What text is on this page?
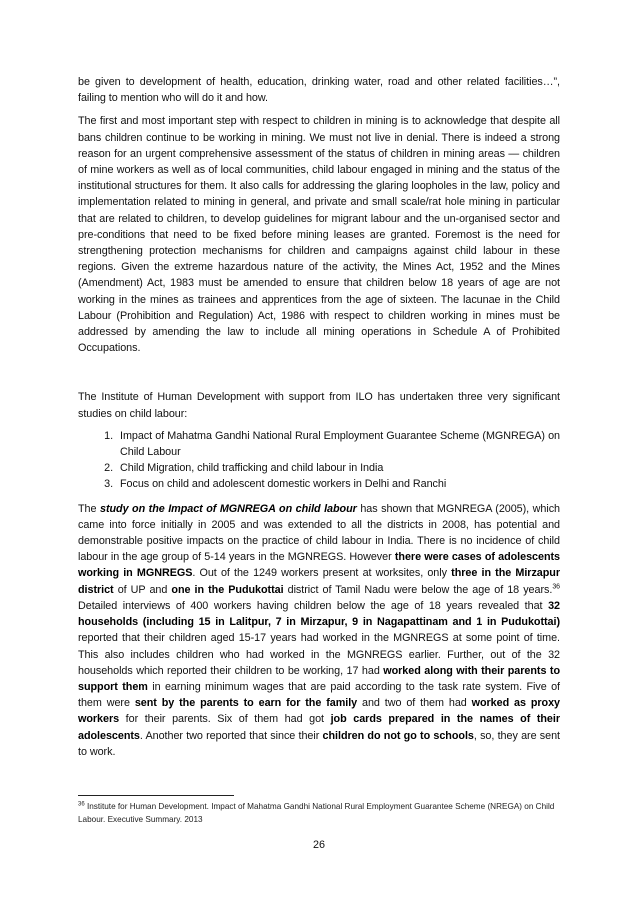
be given to development of health, education, drinking water, road and other related facilities…”, failing to mention who will do it and how.

The first and most important step with respect to children in mining is to acknowledge that despite all bans children continue to be working in mining. We must not live in denial. There is indeed a strong reason for an urgent comprehensive assessment of the status of children in mining areas — children of mine workers as well as of local communities, child labour engaged in mining and the status of the institutional structures for them. It also calls for addressing the glaring loopholes in the law, policy and implementation related to mining in general, and private and small scale/rat hole mining in particular that are related to children, to develop guidelines for migrant labour and the un-organised sector and pre-conditions that need to be fixed before mining leases are granted. Foremost is the need for strengthening protection mechanisms for children and campaigns against child labour in these regions. Given the extreme hazardous nature of the activity, the Mines Act, 1952 and the Mines (Amendment) Act, 1983 must be amended to ensure that children below 18 years of age are not working in the mines as trainees and apprentices from the age of sixteen. The lacunae in the Child Labour (Prohibition and Regulation) Act, 1986 with respect to children working in mines must be addressed by amending the law to include all mining operations in Schedule A of Prohibited Occupations.

The Institute of Human Development with support from ILO has undertaken three very significant studies on child labour:

1. Impact of Mahatma Gandhi National Rural Employment Guarantee Scheme (MGNREGA) on Child Labour
2. Child Migration, child trafficking and child labour in India
3. Focus on child and adolescent domestic workers in Delhi and Ranchi

The study on the Impact of MGNREGA on child labour has shown that MGNREGA (2005), which came into force initially in 2005 and was extended to all the districts in 2008, has potential and demonstrable positive impacts on the practice of child labour in India. There is no incidence of child labour in the age group of 5-14 years in the MGNREGS. However there were cases of adolescents working in MGNREGS. Out of the 1249 workers present at worksites, only three in the Mirzapur district of UP and one in the Pudukottai district of Tamil Nadu were below the age of 18 years.$^{36}$ Detailed interviews of 400 workers having children below the age of 18 years revealed that 32 households (including 15 in Lalitpur, 7 in Mirzapur, 9 in Nagapattinam and 1 in Pudukottai) reported that their children aged 15-17 years had worked in the MGNREGS at some point of time. This also includes children who had worked in the MGNREGS earlier. Further, out of the 32 households which reported their children to be working, 17 had worked along with their parents to support them in earning minimum wages that are paid according to the task rate system. Five of them were sent by the parents to earn for the family and two of them had worked as proxy workers for their parents. Six of them had got job cards prepared in the names of their adolescents. Another two reported that since their children do not go to schools, so, they are sent to work.

$^{36}$ Institute for Human Development. Impact of Mahatma Gandhi National Rural Employment Guarantee Scheme (NREGA) on Child Labour. Executive Summary. 2013
26
